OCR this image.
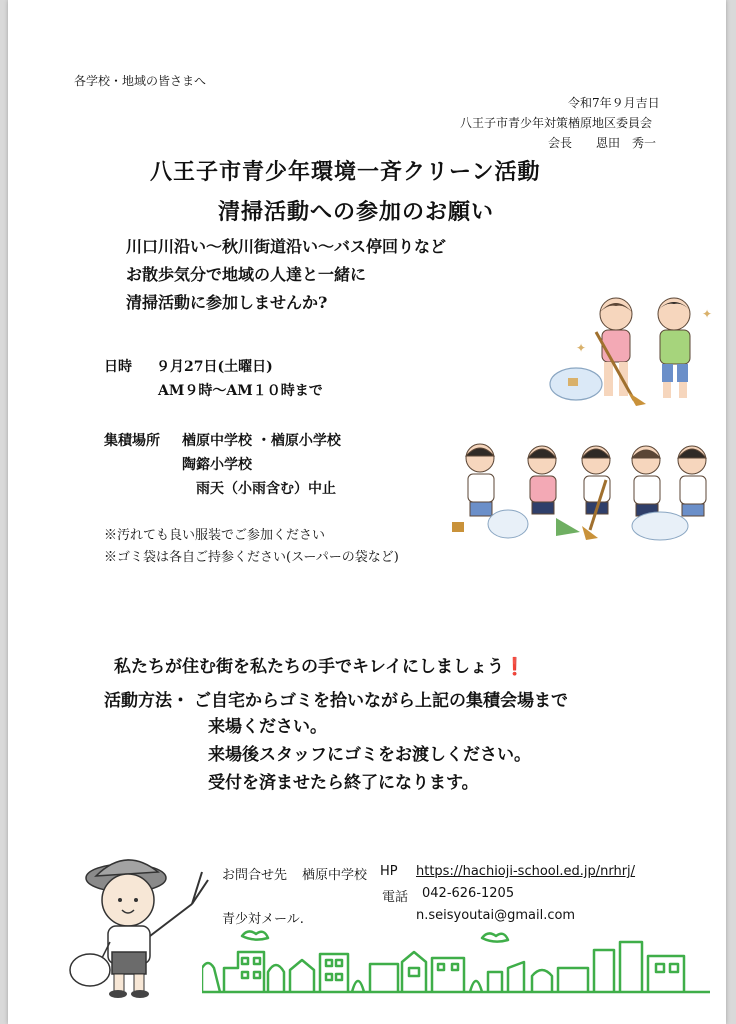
各学校・地域の皆さまへ
令和7年９月吉日
八王子市青少年対策楢原地区委員会
会長 恩田　秀一
八王子市青少年環境一斉クリーン活動
清掃活動への参加のお願い
川口川沿い～秋川街道沿い～バス停回りなど
お散歩気分で地域の人達と一緒に
清掃活動に参加しませんか?
✦
✦
日時 ９月27日(土曜日)
AM９時～AM１０時まで
集積場所 楢原中学校 ・楢原小学校
陶鎔小学校
雨天（小雨含む）中止
※汚れても良い服装でご参加ください
※ゴミ袋は各自ご持参ください(スーパーの袋など)
私たちが住む街を私たちの手でキレイにしましょう❗
活動方法・ ご自宅からゴミを拾いながら上記の集積会場まで
来場ください。
来場後スタッフにゴミをお渡しください。
受付を済ませたら終了になります。
お問合せ先 楢原中学校 HP https://hachioji-school.ed.jp/nrhrj/
電話 042-626-1205
青少対メール.	n.seisyoutai@gmail.com
